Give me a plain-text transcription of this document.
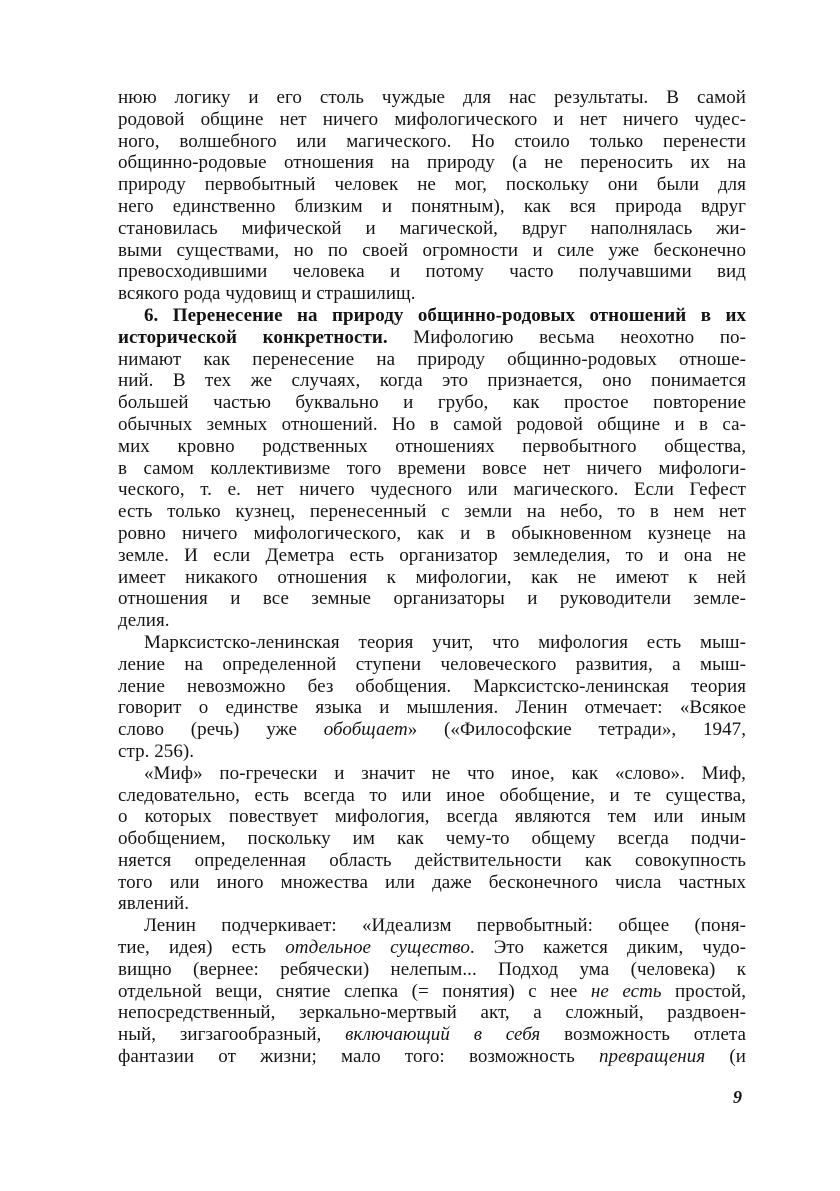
нюю логику и его столь чуждые для нас результаты. В самой
родовой общине нет ничего мифологического и нет ничего чудес-
ного, волшебного или магического. Но стоило только перенести
общинно-родовые отношения на природу (а не переносить их на
природу первобытный человек не мог, поскольку они были для
него единственно близким и понятным), как вся природа вдруг
становилась мифической и магической, вдруг наполнялась жи-
выми существами, но по своей огромности и силе уже бесконечно
превосходившими человека и потому часто получавшими вид
всякого рода чудовищ и страшилищ.
6. Перенесение на природу общинно-родовых отношений в их
исторической конкретности. Мифологию весьма неохотно по-
нимают как перенесение на природу общинно-родовых отноше-
ний. В тех же случаях, когда это признается, оно понимается
большей частью буквально и грубо, как простое повторение
обычных земных отношений. Но в самой родовой общине и в са-
мих кровно родственных отношениях первобытного общества,
в самом коллективизме того времени вовсе нет ничего мифологи-
ческого, т. е. нет ничего чудесного или магического. Если Гефест
есть только кузнец, перенесенный с земли на небо, то в нем нет
ровно ничего мифологического, как и в обыкновенном кузнеце на
земле. И если Деметра есть организатор земледелия, то и она не
имеет никакого отношения к мифологии, как не имеют к ней
отношения и все земные организаторы и руководители земле-
делия.
Марксистско-ленинская теория учит, что мифология есть мыш-
ление на определенной ступени человеческого развития, а мыш-
ление невозможно без обобщения. Марксистско-ленинская теория
говорит о единстве языка и мышления. Ленин отмечает: «Всякое
слово (речь) уже обобщает» («Философские тетради», 1947,
стр. 256).
«Миф» по-гречески и значит не что иное, как «слово». Миф,
следовательно, есть всегда то или иное обобщение, и те существа,
о которых повествует мифология, всегда являются тем или иным
обобщением, поскольку им как чему-то общему всегда подчи-
няется определенная область действительности как совокупность
того или иного множества или даже бесконечного числа частных
явлений.
Ленин подчеркивает: «Идеализм первобытный: общее (поня-
тие, идея) есть отдельное существо. Это кажется диким, чудо-
вищно (вернее: ребячески) нелепым... Подход ума (человека) к
отдельной вещи, снятие слепка (= понятия) с нее не есть простой,
непосредственный, зеркально-мертвый акт, а сложный, раздвоен-
ный, зигзагообразный, включающий в себя возможность отлета
фантазии от жизни; мало того: возможность превращения (и
9
